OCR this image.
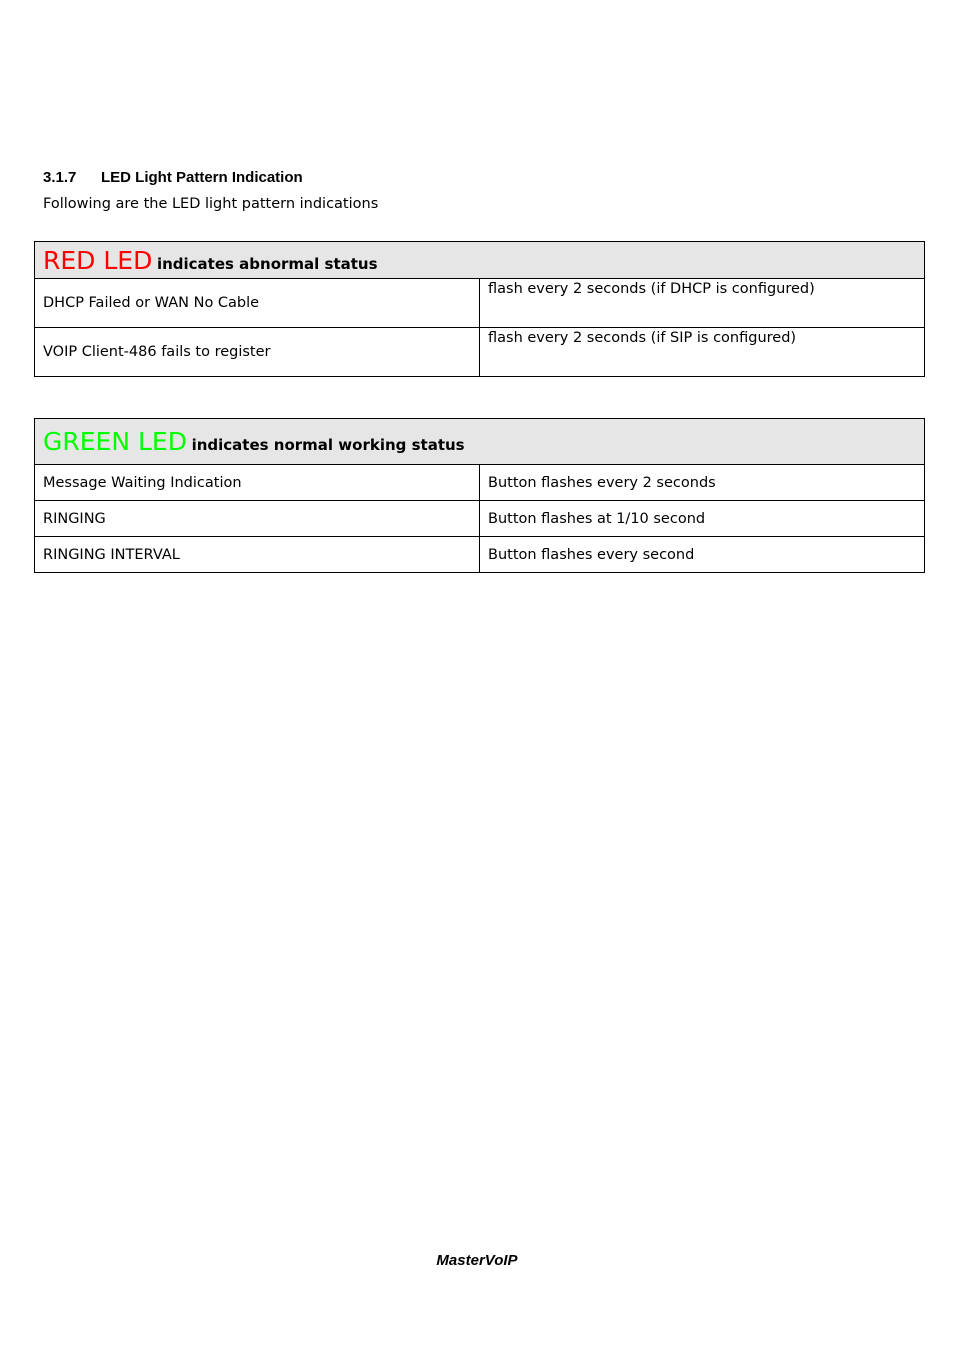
3.1.7 LED Light Pattern Indication
Following are the LED light pattern indications
RED LED indicates abnormal status	
DHCP Failed or WAN No Cable	flash every 2 seconds (if DHCP is configured)
VOIP Client-486 fails to register	flash every 2 seconds (if SIP is configured)
GREEN LED indicates normal working status	
Message Waiting Indication	Button flashes every 2 seconds
RINGING	Button flashes at 1/10 second
RINGING INTERVAL	Button flashes every second
MasterVoIP
